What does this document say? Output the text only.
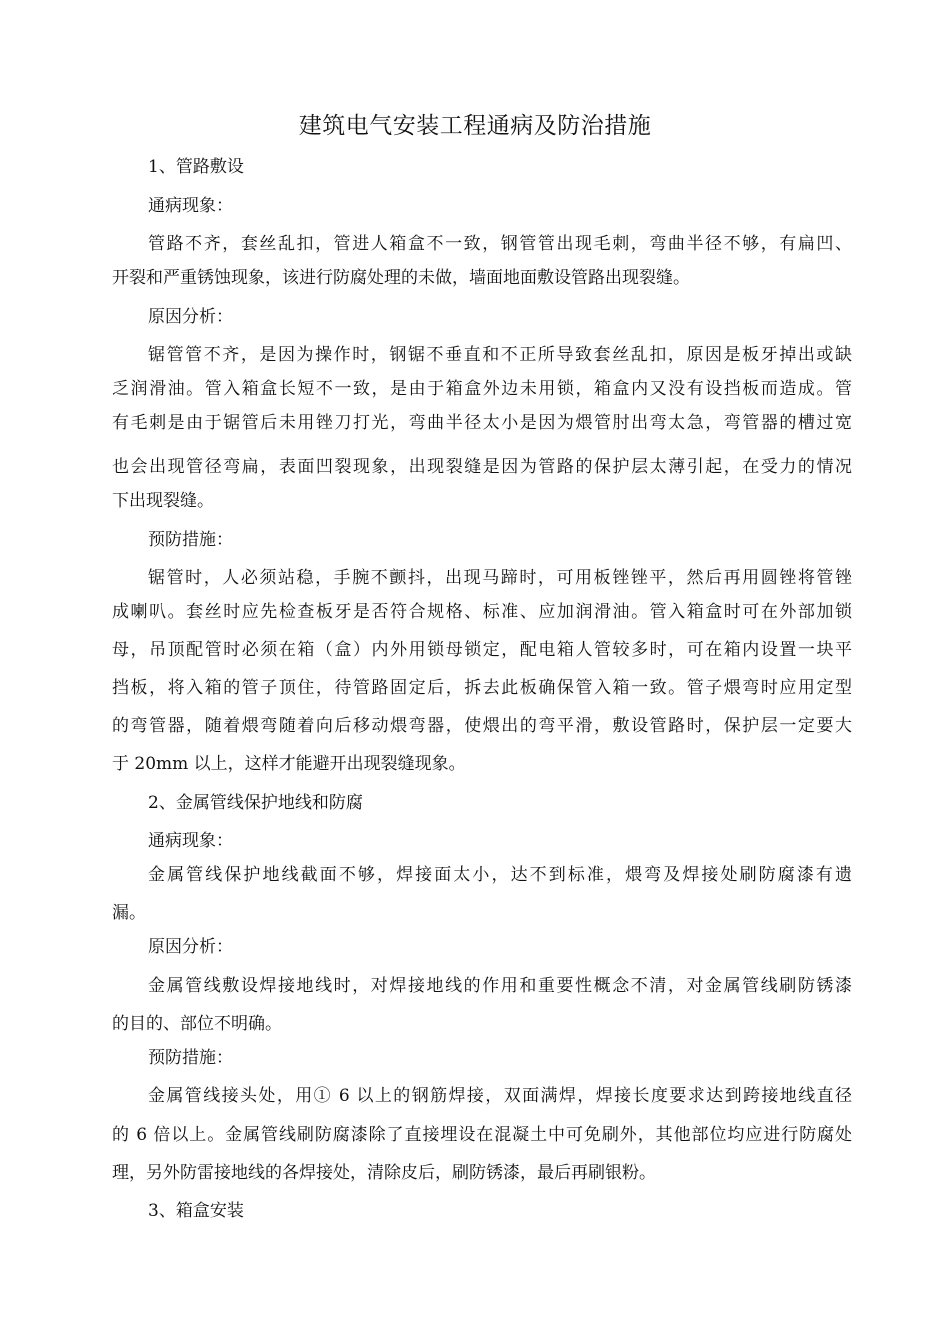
建筑电气安装工程通病及防治措施
1、管路敷设
通病现象：
管路不齐，套丝乱扣，管进人箱盒不一致，钢管管出现毛刺，弯曲半径不够，有扁凹、
开裂和严重锈蚀现象，该进行防腐处理的未做，墙面地面敷设管路出现裂缝。
原因分析：
锯管管不齐，是因为操作时，钢锯不垂直和不正所导致套丝乱扣，原因是板牙掉出或缺
乏润滑油。管入箱盒长短不一致，是由于箱盒外边未用锁，箱盒内又没有设挡板而造成。管
有毛刺是由于锯管后未用锉刀打光，弯曲半径太小是因为煨管肘出弯太急，弯管器的槽过宽
也会出现管径弯扁，表面凹裂现象，出现裂缝是因为管路的保护层太薄引起，在受力的情况
下出现裂缝。
预防措施：
锯管时，人必须站稳，手腕不颤抖，出现马蹄时，可用板锉锉平，然后再用圆锉将管锉
成喇叭。套丝时应先检查板牙是否符合规格、标准、应加润滑油。管入箱盒时可在外部加锁
母，吊顶配管时必须在箱（盒）内外用锁母锁定，配电箱人管较多时，可在箱内设置一块平
挡板，将入箱的管子顶住，待管路固定后，拆去此板确保管入箱一致。管子煨弯时应用定型
的弯管器，随着煨弯随着向后移动煨弯器，使煨出的弯平滑，敷设管路时，保护层一定要大
于 20mm 以上，这样才能避开出现裂缝现象。
2、金属管线保护地线和防腐
通病现象：
金属管线保护地线截面不够，焊接面太小，达不到标准，煨弯及焊接处刷防腐漆有遗
漏。
原因分析：
金属管线敷设焊接地线时，对焊接地线的作用和重要性概念不清，对金属管线刷防锈漆
的目的、部位不明确。
预防措施：
金属管线接头处，用① 6 以上的钢筋焊接，双面满焊，焊接长度要求达到跨接地线直径
的 6 倍以上。金属管线刷防腐漆除了直接埋设在混凝土中可免刷外，其他部位均应进行防腐处
理，另外防雷接地线的各焊接处，清除皮后，刷防锈漆，最后再刷银粉。
3、箱盒安装
